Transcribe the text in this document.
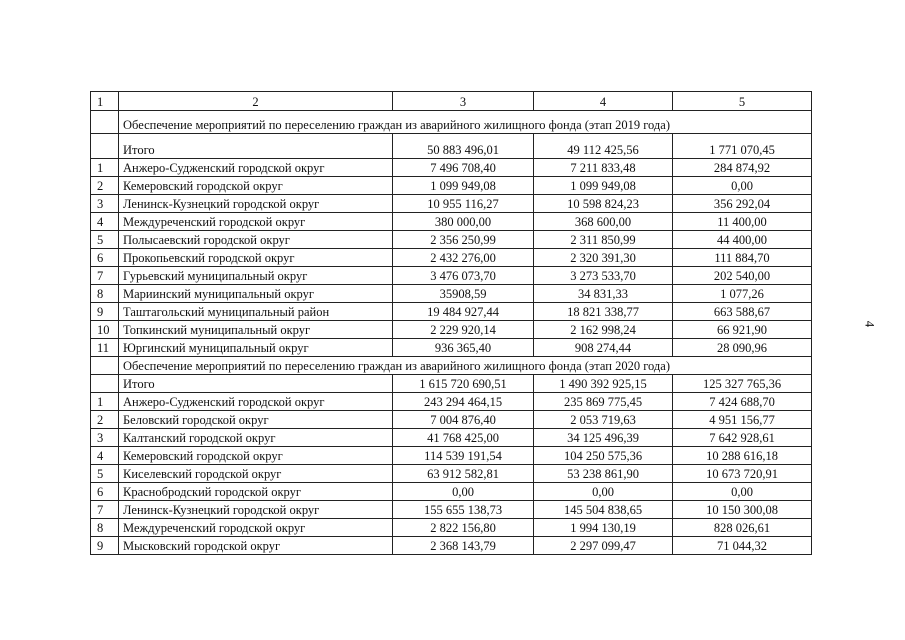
1	2	3	4	5
	Обеспечение мероприятий по переселению граждан из аварийного жилищного фонда (этап 2019 года)			
	Итого	50 883 496,01	49 112 425,56	1 771 070,45
1	Анжеро-Судженский городской округ	7 496 708,40	7 211 833,48	284 874,92
2	Кемеровский городской округ	1 099 949,08	1 099 949,08	0,00
3	Ленинск-Кузнецкий городской округ	10 955 116,27	10 598 824,23	356 292,04
4	Междуреченский городской округ	380 000,00	368 600,00	11 400,00
5	Полысаевский городской округ	2 356 250,99	2 311 850,99	44 400,00
6	Прокопьевский городской округ	2 432 276,00	2 320 391,30	111 884,70
7	Гурьевский муниципальный округ	3 476 073,70	3 273 533,70	202 540,00
8	Мариинский муниципальный округ	35908,59	34 831,33	1 077,26
9	Таштагольский муниципальный район	19 484 927,44	18 821 338,77	663 588,67
10	Топкинский муниципальный округ	2 229 920,14	2 162 998,24	66 921,90
11	Юргинский муниципальный округ	936 365,40	908 274,44	28 090,96
	Обеспечение мероприятий по переселению граждан из аварийного жилищного фонда (этап 2020 года)			
	Итого	1 615 720 690,51	1 490 392 925,15	125 327 765,36
1	Анжеро-Судженский городской округ	243 294 464,15	235 869 775,45	7 424 688,70
2	Беловский городской округ	7 004 876,40	2 053 719,63	4 951 156,77
3	Калтанский городской округ	41 768 425,00	34 125 496,39	7 642 928,61
4	Кемеровский городской округ	114 539 191,54	104 250 575,36	10 288 616,18
5	Киселевский городской округ	63 912 582,81	53 238 861,90	10 673 720,91
6	Краснобродский городской округ	0,00	0,00	0,00
7	Ленинск-Кузнецкий городской округ	155 655 138,73	145 504 838,65	10 150 300,08
8	Междуреченский городской округ	2 822 156,80	1 994 130,19	828 026,61
9	Мысковский городской округ	2 368 143,79	2 297 099,47	71 044,32
4
